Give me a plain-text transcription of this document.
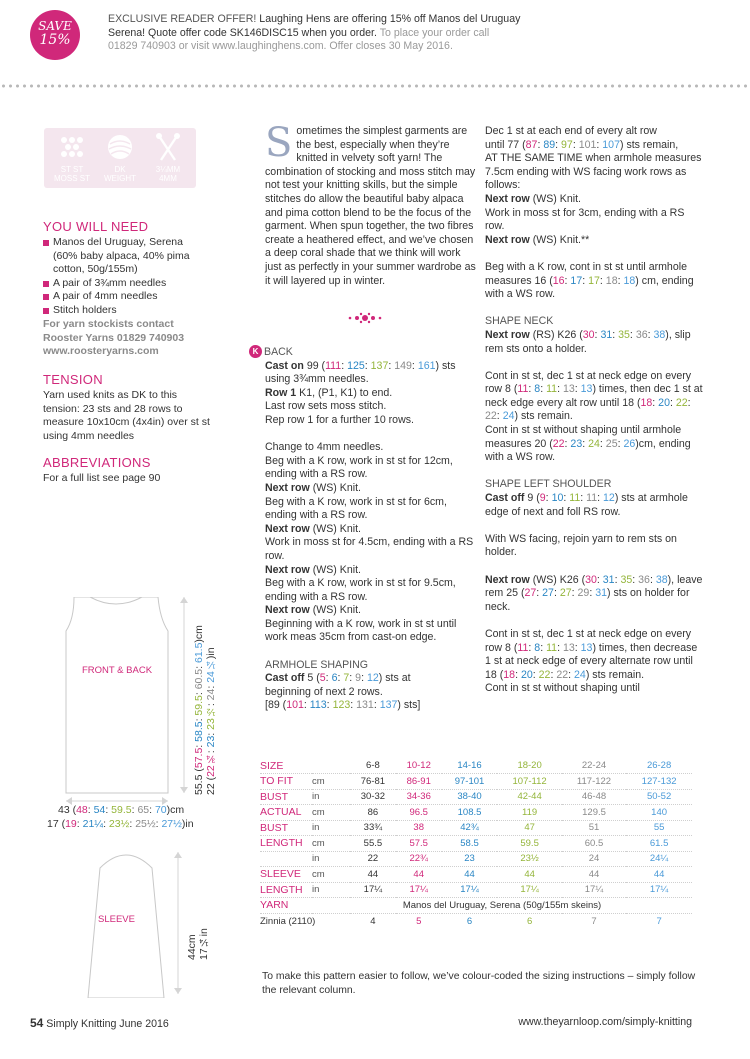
SAVE
15%
EXCLUSIVE READER OFFER! Laughing Hens are offering 15% off Manos del Uruguay
Serena! Quote offer code SK146DISC15 when you order. To place your order call
01829 740903 or visit www.laughinghens.com. Offer closes 30 May 2016.
ST ST
MOSS ST
DK
WEIGHT
3¼MM
4MM
YOU WILL NEED
Manos del Uruguay, Serena (60% baby alpaca, 40% pima cotton, 50g/155m)
A pair of 3¾mm needles
A pair of 4mm needles
Stitch holders
For yarn stockists contact
Rooster Yarns 01829 740903
www.roosteryarns.com
TENSION
Yarn used knits as DK to this tension: 23 sts and 28 rows to measure 10x10cm (4x4in) over st st using 4mm needles
ABBREVIATIONS
For a full list see page 90
FRONT & BACK
55.5 (57.5: 58.5: 59.5: 60.5: 61.5)cm
22 (22¾: 23: 23½: 24: 24¼)in
43 (48: 54: 59.5: 65: 70)cm
17 (19: 21¼: 23½: 25½: 27½)in
SLEEVE
44cm 17¼in
Sometimes the simplest garments are the best, especially when they’re knitted in velvety soft yarn! The combination of stocking and moss stitch may not test your knitting skills, but the simple stitches do allow the beautiful baby alpaca and pima cotton blend to be the focus of the garment. When spun together, the two fibres create a heathered effect, and we’ve chosen a deep coral shade that we think will work just as perfectly in your summer wardrobe as it will layered up in winter.

K BACK

Cast on 99 (111: 125: 137: 149: 161) sts

using 3¾mm needles.

Row 1 K1, (P1, K1) to end.

Last row sets moss stitch.

Rep row 1 for a further 10 rows.

Change to 4mm needles.

Beg with a K row, work in st st for 12cm, ending with a RS row.

Next row (WS) Knit.

Beg with a K row, work in st st for 6cm, ending with a RS row.

Next row (WS) Knit.

Work in moss st for 4.5cm, ending with a RS row.

Next row (WS) Knit.

Beg with a K row, work in st st for 9.5cm, ending with a RS row.

Next row (WS) Knit.

Beginning with a K row, work in st st until work meas 35cm from cast-on edge.

ARMHOLE SHAPING

Cast off 5 (5: 6: 7: 9: 12) sts at

beginning of next 2 rows.

[89 (101: 113: 123: 131: 137) sts]

Dec 1 st at each end of every alt row

until 77 (87: 89: 97: 101: 107) sts remain,

AT THE SAME TIME when armhole measures 7.5cm ending with WS facing work rows as follows:

Next row (WS) Knit.

Work in moss st for 3cm, ending with a RS row.

Next row (WS) Knit.**

Beg with a K row, cont in st st until armhole measures 16 (16: 17: 17: 18: 18) cm, ending with a WS row.

SHAPE NECK

Next row (RS) K26 (30: 31: 35: 36: 38), slip rem sts onto a holder.

Cont in st st, dec 1 st at neck edge on every row 8 (11: 8: 11: 13: 13) times, then dec 1 st at neck edge every alt row until 18 (18: 20: 22: 22: 24) sts remain.

Cont in st st without shaping until armhole measures 20 (22: 23: 24: 25: 26)cm, ending with a WS row.

SHAPE LEFT SHOULDER

Cast off 9 (9: 10: 11: 11: 12) sts at armhole edge of next and foll RS row.

With WS facing, rejoin yarn to rem sts on holder.

Next row (WS) K26 (30: 31: 35: 36: 38), leave rem 25 (27: 27: 27: 29: 31) sts on holder for neck.

Cont in st st, dec 1 st at neck edge on every row 8 (11: 8: 11: 13: 13) times, then decrease 1 st at neck edge of every alternate row until 18 (18: 20: 22: 22: 24) sts remain.

Cont in st st without shaping until

SIZE		6-8	10-12	14-16	18-20	22-24	26-28
TO FIT	cm	76-81	86-91	97-101	107-112	117-122	127-132
BUST	in	30-32	34-36	38-40	42-44	46-48	50-52
ACTUAL	cm	86	96.5	108.5	119	129.5	140
BUST	in	33¾	38	42¾	47	51	55
LENGTH	cm	55.5	57.5	58.5	59.5	60.5	61.5
	in	22	22¾	23	23½	24	24¼
SLEEVE	cm	44	44	44	44	44	44
LENGTH	in	17¼	17¼	17¼	17¼	17¼	17¼
YARN	Manos del Uruguay, Serena (50g/155m skeins)						
Zinnia (2110)		4	5	6	6	7	7
To make this pattern easier to follow, we’ve colour-coded the sizing instructions – simply follow the relevant column.
54 Simply Knitting June 2016	www.theyarnloop.com/simply-knitting
